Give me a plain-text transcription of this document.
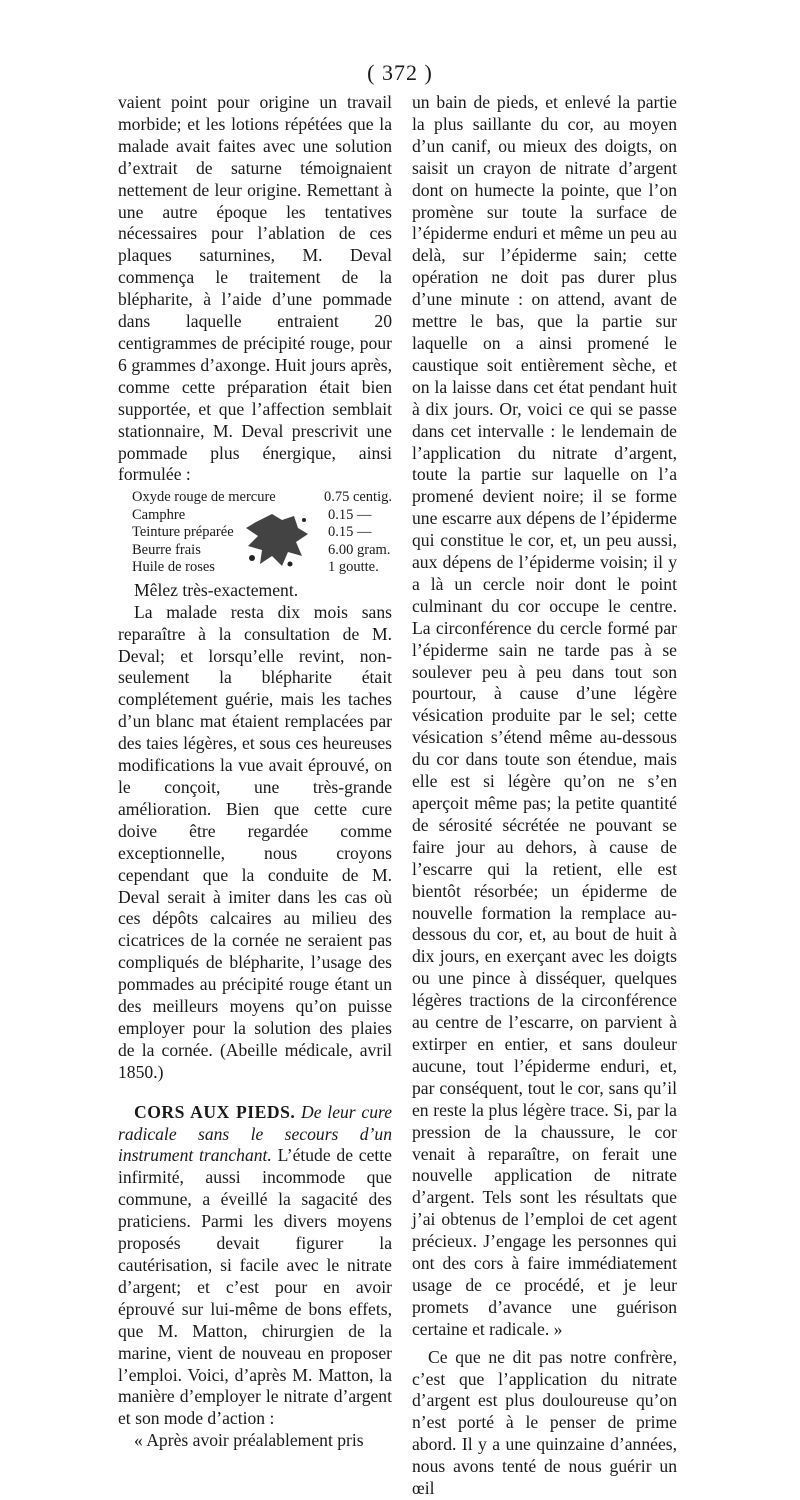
( 372 )

vaient point pour origine un travail morbide; et les lotions répétées que la malade avait faites avec une solution d’extrait de saturne témoignaient nettement de leur origine. Remettant à une autre époque les tentatives nécessaires pour l’ablation de ces plaques saturnines, M. Deval commença le traitement de la blépharite, à l’aide d’une pommade dans laquelle entraient 20 centigrammes de précipité rouge, pour 6 grammes d’axonge. Huit jours après, comme cette préparation était bien supportée, et que l’affection semblait stationnaire, M. Deval prescrivit une pommade plus énergique, ainsi formulée :

Oxyde rouge de mercure	0.75 centig.
Camphre	0.15 —
Teinture préparée	0.15 —
Beurre frais	6.00 gram.
Huile de roses	1 goutte.

Mêlez très-exactement.

La malade resta dix mois sans reparaître à la consultation de M. Deval; et lorsqu’elle revint, non-seulement la blépharite était complétement guérie, mais les taches d’un blanc mat étaient remplacées par des taies légères, et sous ces heureuses modifications la vue avait éprouvé, on le conçoit, une très-grande amélioration. Bien que cette cure doive être regardée comme exceptionnelle, nous croyons cependant que la conduite de M. Deval serait à imiter dans les cas où ces dépôts calcaires au milieu des cicatrices de la cornée ne seraient pas compliqués de blépharite, l’usage des pommades au précipité rouge étant un des meilleurs moyens qu’on puisse employer pour la solution des plaies de la cornée. (Abeille médicale, avril 1850.)

CORS AUX PIEDS. De leur cure radicale sans le secours d’un instrument tranchant. L’étude de cette infirmité, aussi incommode que commune, a éveillé la sagacité des praticiens. Parmi les divers moyens proposés devait figurer la cautérisation, si facile avec le nitrate d’argent; et c’est pour en avoir éprouvé sur lui-même de bons effets, que M. Matton, chirurgien de la marine, vient de nouveau en proposer l’emploi. Voici, d’après M. Matton, la manière d’employer le nitrate d’argent et son mode d’action :

« Après avoir préalablement pris

un bain de pieds, et enlevé la partie la plus saillante du cor, au moyen d’un canif, ou mieux des doigts, on saisit un crayon de nitrate d’argent dont on humecte la pointe, que l’on promène sur toute la surface de l’épiderme enduri et même un peu au delà, sur l’épiderme sain; cette opération ne doit pas durer plus d’une minute : on attend, avant de mettre le bas, que la partie sur laquelle on a ainsi promené le caustique soit entièrement sèche, et on la laisse dans cet état pendant huit à dix jours. Or, voici ce qui se passe dans cet intervalle : le lendemain de l’application du nitrate d’argent, toute la partie sur laquelle on l’a promené devient noire; il se forme une escarre aux dépens de l’épiderme qui constitue le cor, et, un peu aussi, aux dépens de l’épiderme voisin; il y a là un cercle noir dont le point culminant du cor occupe le centre. La circonférence du cercle formé par l’épiderme sain ne tarde pas à se soulever peu à peu dans tout son pourtour, à cause d’une légère vésication produite par le sel; cette vésication s’étend même au-dessous du cor dans toute son étendue, mais elle est si légère qu’on ne s’en aperçoit même pas; la petite quantité de sérosité sécrétée ne pouvant se faire jour au dehors, à cause de l’escarre qui la retient, elle est bientôt résorbée; un épiderme de nouvelle formation la remplace au-dessous du cor, et, au bout de huit à dix jours, en exerçant avec les doigts ou une pince à disséquer, quelques légères tractions de la circonférence au centre de l’escarre, on parvient à extirper en entier, et sans douleur aucune, tout l’épiderme enduri, et, par conséquent, tout le cor, sans qu’il en reste la plus légère trace. Si, par la pression de la chaussure, le cor venait à reparaître, on ferait une nouvelle application de nitrate d’argent. Tels sont les résultats que j’ai obtenus de l’emploi de cet agent précieux. J’engage les personnes qui ont des cors à faire immédiatement usage de ce procédé, et je leur promets d’avance une guérison certaine et radicale. »

Ce que ne dit pas notre confrère, c’est que l’application du nitrate d’argent est plus douloureuse qu’on n’est porté à le penser de prime abord. Il y a une quinzaine d’années, nous avons tenté de nous guérir un œil
